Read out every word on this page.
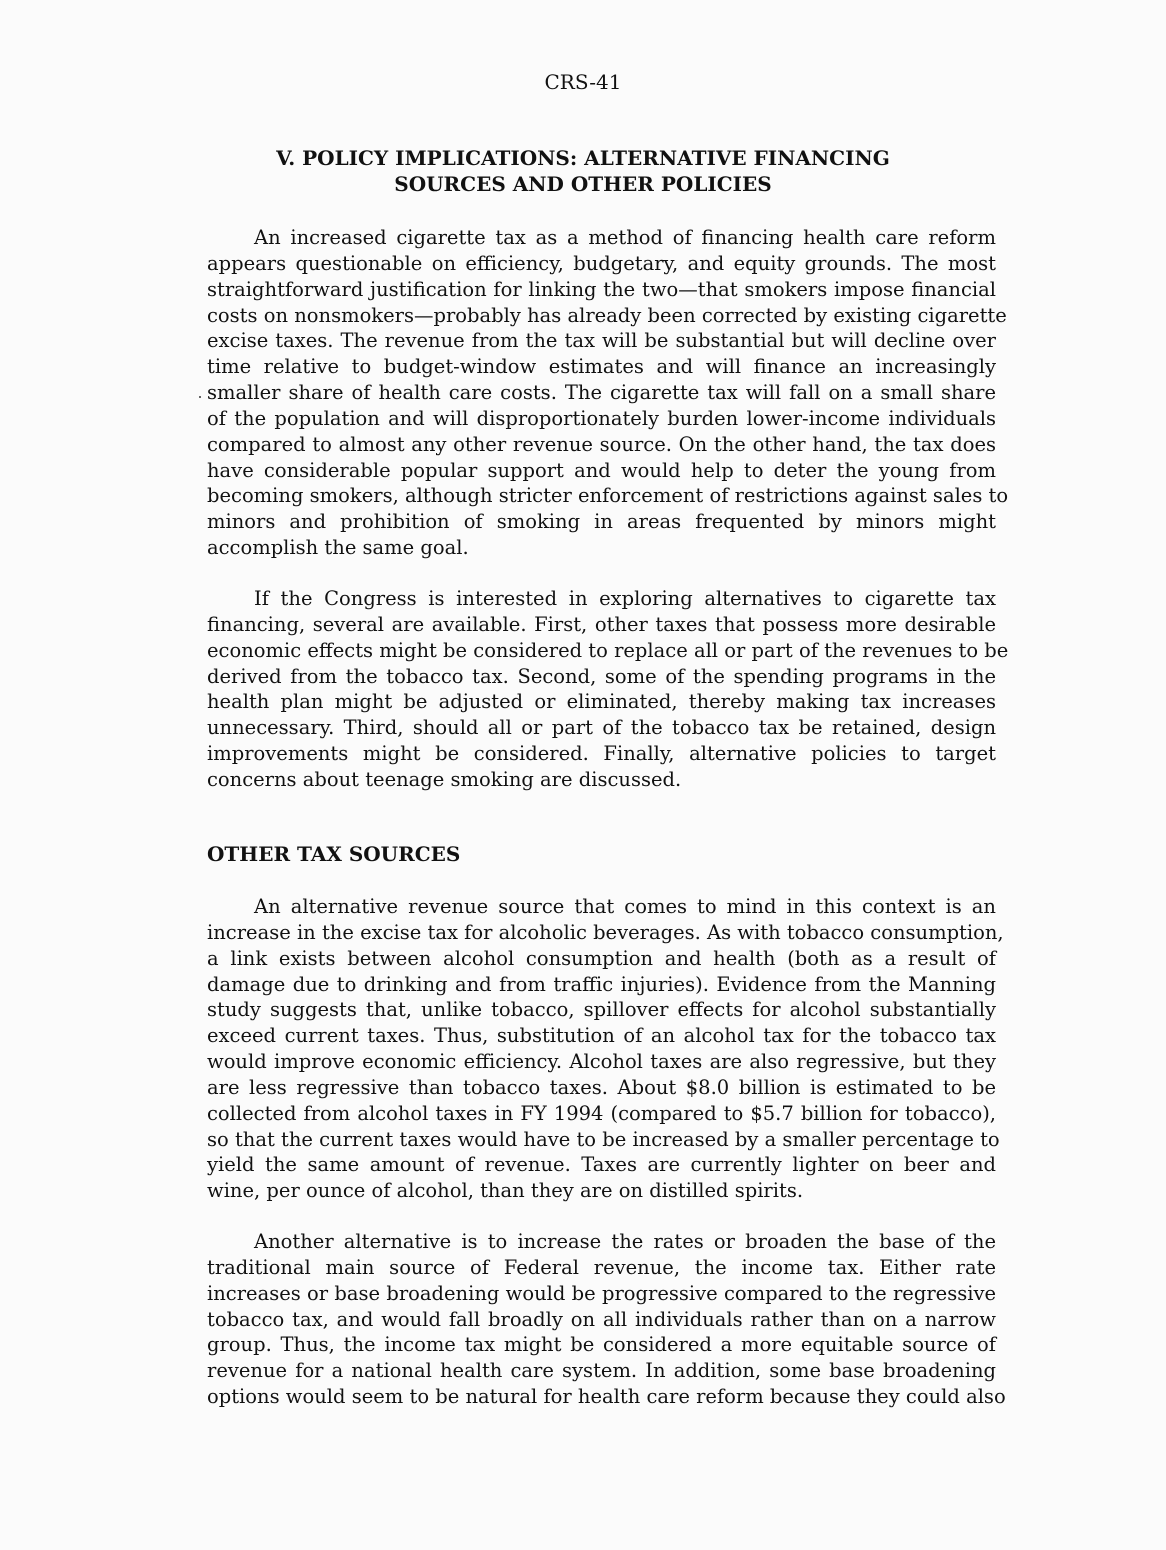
CRS-41
V. POLICY IMPLICATIONS: ALTERNATIVE FINANCING
SOURCES AND OTHER POLICIES
An increased cigarette tax as a method of financing health care reform
appears questionable on efficiency, budgetary, and equity grounds. The most
straightforward justification for linking the two—that smokers impose financial
costs on nonsmokers—probably has already been corrected by existing cigarette
excise taxes. The revenue from the tax will be substantial but will decline over
time relative to budget-window estimates and will finance an increasingly
smaller share of health care costs. The cigarette tax will fall on a small share
of the population and will disproportionately burden lower-income individuals
compared to almost any other revenue source. On the other hand, the tax does
have considerable popular support and would help to deter the young from
becoming smokers, although stricter enforcement of restrictions against sales to
minors and prohibition of smoking in areas frequented by minors might
accomplish the same goal.
If the Congress is interested in exploring alternatives to cigarette tax
financing, several are available. First, other taxes that possess more desirable
economic effects might be considered to replace all or part of the revenues to be
derived from the tobacco tax. Second, some of the spending programs in the
health plan might be adjusted or eliminated, thereby making tax increases
unnecessary. Third, should all or part of the tobacco tax be retained, design
improvements might be considered. Finally, alternative policies to target
concerns about teenage smoking are discussed.
OTHER TAX SOURCES
An alternative revenue source that comes to mind in this context is an
increase in the excise tax for alcoholic beverages. As with tobacco consumption,
a link exists between alcohol consumption and health (both as a result of
damage due to drinking and from traffic injuries). Evidence from the Manning
study suggests that, unlike tobacco, spillover effects for alcohol substantially
exceed current taxes. Thus, substitution of an alcohol tax for the tobacco tax
would improve economic efficiency. Alcohol taxes are also regressive, but they
are less regressive than tobacco taxes. About $8.0 billion is estimated to be
collected from alcohol taxes in FY 1994 (compared to $5.7 billion for tobacco),
so that the current taxes would have to be increased by a smaller percentage to
yield the same amount of revenue. Taxes are currently lighter on beer and
wine, per ounce of alcohol, than they are on distilled spirits.
Another alternative is to increase the rates or broaden the base of the
traditional main source of Federal revenue, the income tax. Either rate
increases or base broadening would be progressive compared to the regressive
tobacco tax, and would fall broadly on all individuals rather than on a narrow
group. Thus, the income tax might be considered a more equitable source of
revenue for a national health care system. In addition, some base broadening
options would seem to be natural for health care reform because they could also
